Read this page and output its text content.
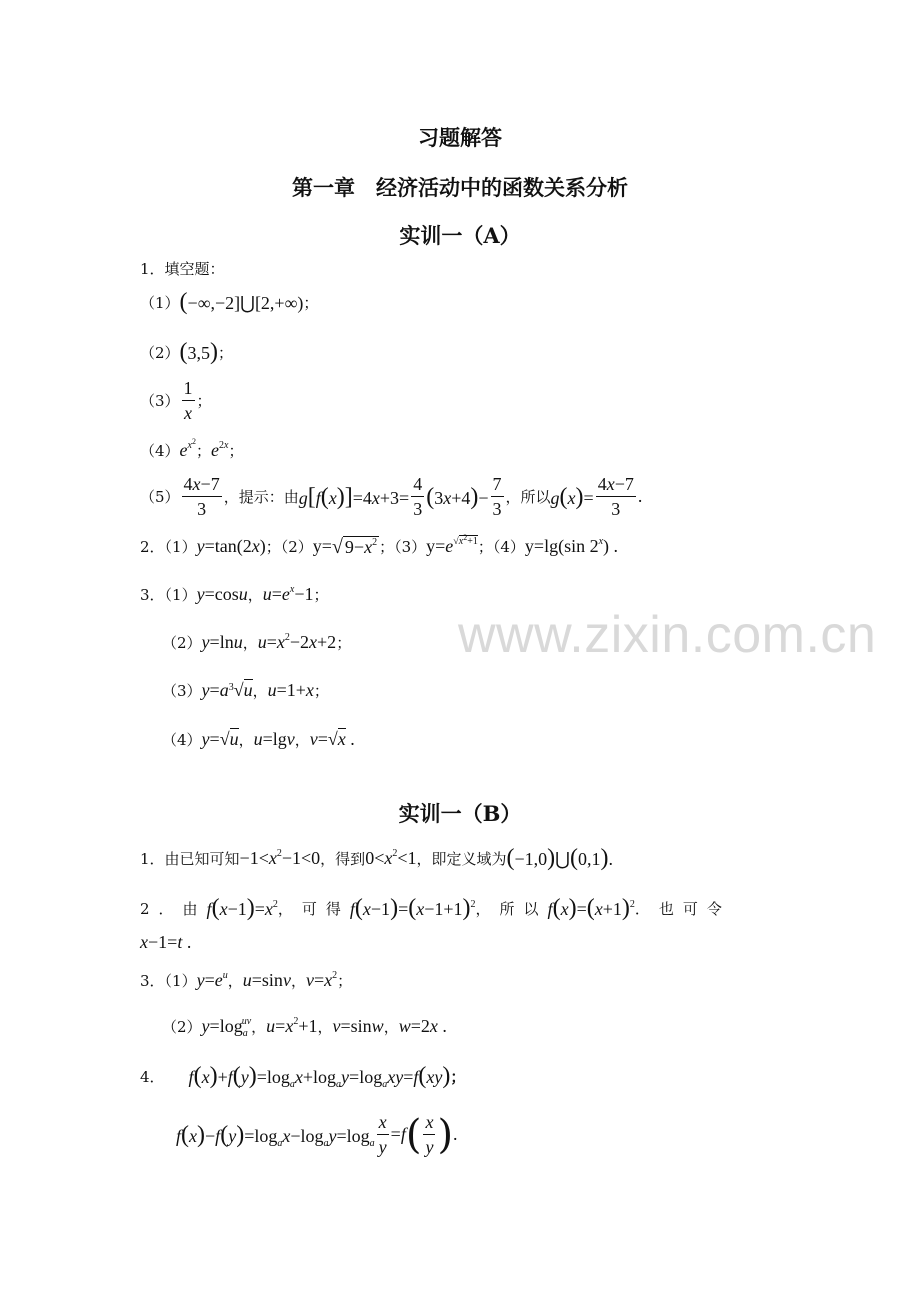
www.zixin.com.cn
习题解答
第一章　经济活动中的函数关系分析
实训一（A）
1．填空题：
（1） (−∞,−2]⋃[2,+∞) ；
（2） (3,5) ；
$(3) \frac{1}{x}$ ；
（4） $e^{x^2}$
； $e^{2x}$ ；
$(5) \frac{4x-7}{3}$ ，提示：由 $g[f(x)]=4x+3= \frac{4}{3} (3x+4)- \frac{7}{3}$ ，所以 $g(x)= \frac{4x-7}{3}$ .
2．（1） y=tan(2x) ；（2） y= √ $9-x^2$ ；（3） $y=e^{√x^2+1}$ ；（4） y=lg(sin 2$^x$) .
3．（1） y=cosu ， $u=e^x-1$ ；
（2） y=lnu ， $u=x^2-2x+2$ ；
（3） $y=a^3√u$ ， u=1+x ；
（4） y=√u ， u=lgv ， v=√x .
实训一（B）
1．由已知可知 $-1<x^2-1<0$ ，得到 $0<x^2<1$ ，即定义域为 (−1,0)⋃(0,1).
2．由 $f(x-1)=x^2$ ，可得 $f(x-1)=(x-1+1)^2$ ，所以 $f(x)=(x+1)^2$ ．也可令
x−1=t .
3．（1） $y=e^u$ ， u=sinv ， $v=x^2$ ；
（2） $y=\log_a^{uv}$ ， $u=x^2+1$ ， v=sinw ， w=2x .
4． $f(x)+f(y)=\log_ax+\log_ay=\log_axy=f(xy)$ ；
$f(x)-f(y)=\log_ax-\log_ay=\log_a \frac{x}{y} =f$ ( $\frac{x}{y}$ ) .
